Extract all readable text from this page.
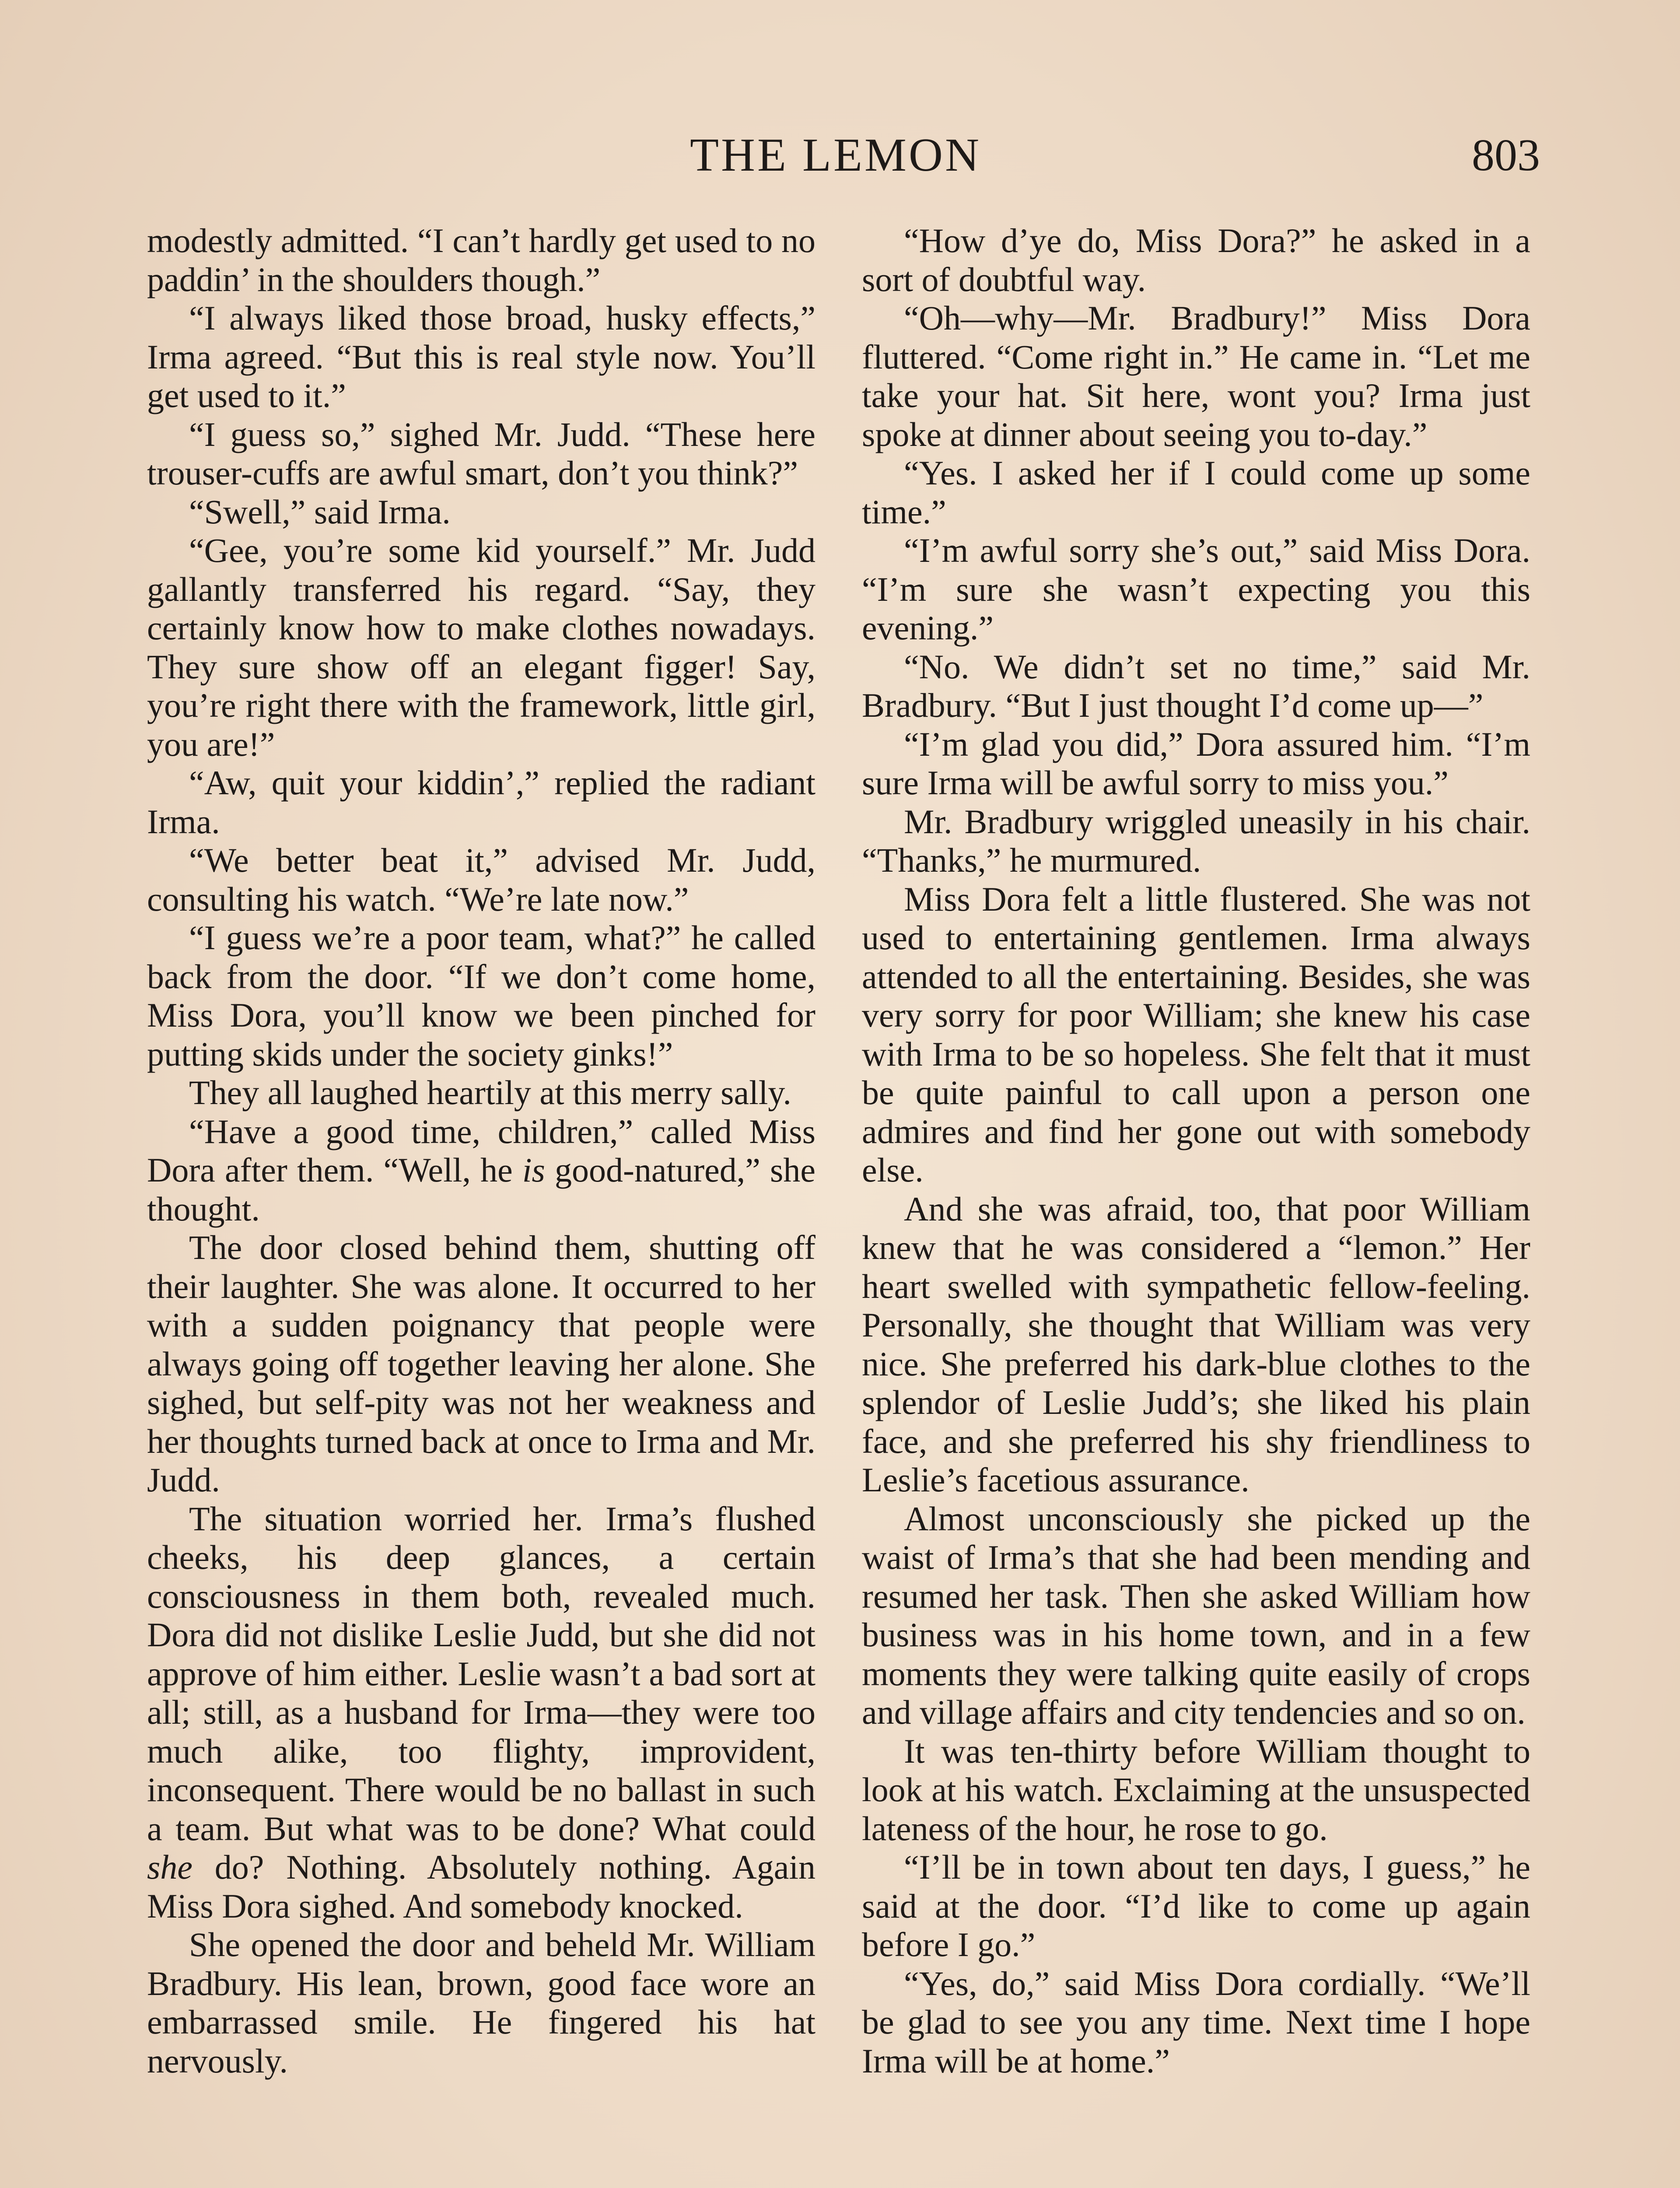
THE LEMON	803

modestly admitted. “I can’t hardly get used to no paddin’ in the shoulders though.”

“I always liked those broad, husky effects,” Irma agreed. “But this is real style now. You’ll get used to it.”

“I guess so,” sighed Mr. Judd. “These here trouser-cuffs are awful smart, don’t you think?”

“Swell,” said Irma.

“Gee, you’re some kid yourself.” Mr. Judd gallantly transferred his regard. “Say, they certainly know how to make clothes nowadays. They sure show off an elegant figger! Say, you’re right there with the framework, little girl, you are!”

“Aw, quit your kiddin’,” replied the radiant Irma.

“We better beat it,” advised Mr. Judd, consulting his watch. “We’re late now.”

“I guess we’re a poor team, what?” he called back from the door. “If we don’t come home, Miss Dora, you’ll know we been pinched for putting skids under the society ginks!”

They all laughed heartily at this merry sally.

“Have a good time, children,” called Miss Dora after them. “Well, he is good-natured,” she thought.

The door closed behind them, shutting off their laughter. She was alone. It occurred to her with a sudden poignancy that people were always going off together leaving her alone. She sighed, but self-pity was not her weakness and her thoughts turned back at once to Irma and Mr. Judd.

The situation worried her. Irma’s flushed cheeks, his deep glances, a certain consciousness in them both, revealed much. Dora did not dislike Leslie Judd, but she did not approve of him either. Leslie wasn’t a bad sort at all; still, as a husband for Irma—they were too much alike, too flighty, improvident, inconsequent. There would be no ballast in such a team. But what was to be done? What could she do? Nothing. Absolutely nothing. Again Miss Dora sighed. And somebody knocked.

She opened the door and beheld Mr. William Bradbury. His lean, brown, good face wore an embarrassed smile. He fingered his hat nervously.

“How d’ye do, Miss Dora?” he asked in a sort of doubtful way.

“Oh—why—Mr. Bradbury!” Miss Dora fluttered. “Come right in.” He came in. “Let me take your hat. Sit here, wont you? Irma just spoke at dinner about seeing you to-day.”

“Yes. I asked her if I could come up some time.”

“I’m awful sorry she’s out,” said Miss Dora. “I’m sure she wasn’t expecting you this evening.”

“No. We didn’t set no time,” said Mr. Bradbury. “But I just thought I’d come up—”

“I’m glad you did,” Dora assured him. “I’m sure Irma will be awful sorry to miss you.”

Mr. Bradbury wriggled uneasily in his chair. “Thanks,” he murmured.

Miss Dora felt a little flustered. She was not used to entertaining gentlemen. Irma always attended to all the entertaining. Besides, she was very sorry for poor William; she knew his case with Irma to be so hopeless. She felt that it must be quite painful to call upon a person one admires and find her gone out with somebody else.

And she was afraid, too, that poor William knew that he was considered a “lemon.” Her heart swelled with sympathetic fellow-feeling. Personally, she thought that William was very nice. She preferred his dark-blue clothes to the splendor of Leslie Judd’s; she liked his plain face, and she preferred his shy friendliness to Leslie’s facetious assurance.

Almost unconsciously she picked up the waist of Irma’s that she had been mending and resumed her task. Then she asked William how business was in his home town, and in a few moments they were talking quite easily of crops and village affairs and city tendencies and so on.

It was ten-thirty before William thought to look at his watch. Exclaiming at the unsuspected lateness of the hour, he rose to go.

“I’ll be in town about ten days, I guess,” he said at the door. “I’d like to come up again before I go.”

“Yes, do,” said Miss Dora cordially. “We’ll be glad to see you any time. Next time I hope Irma will be at home.”
